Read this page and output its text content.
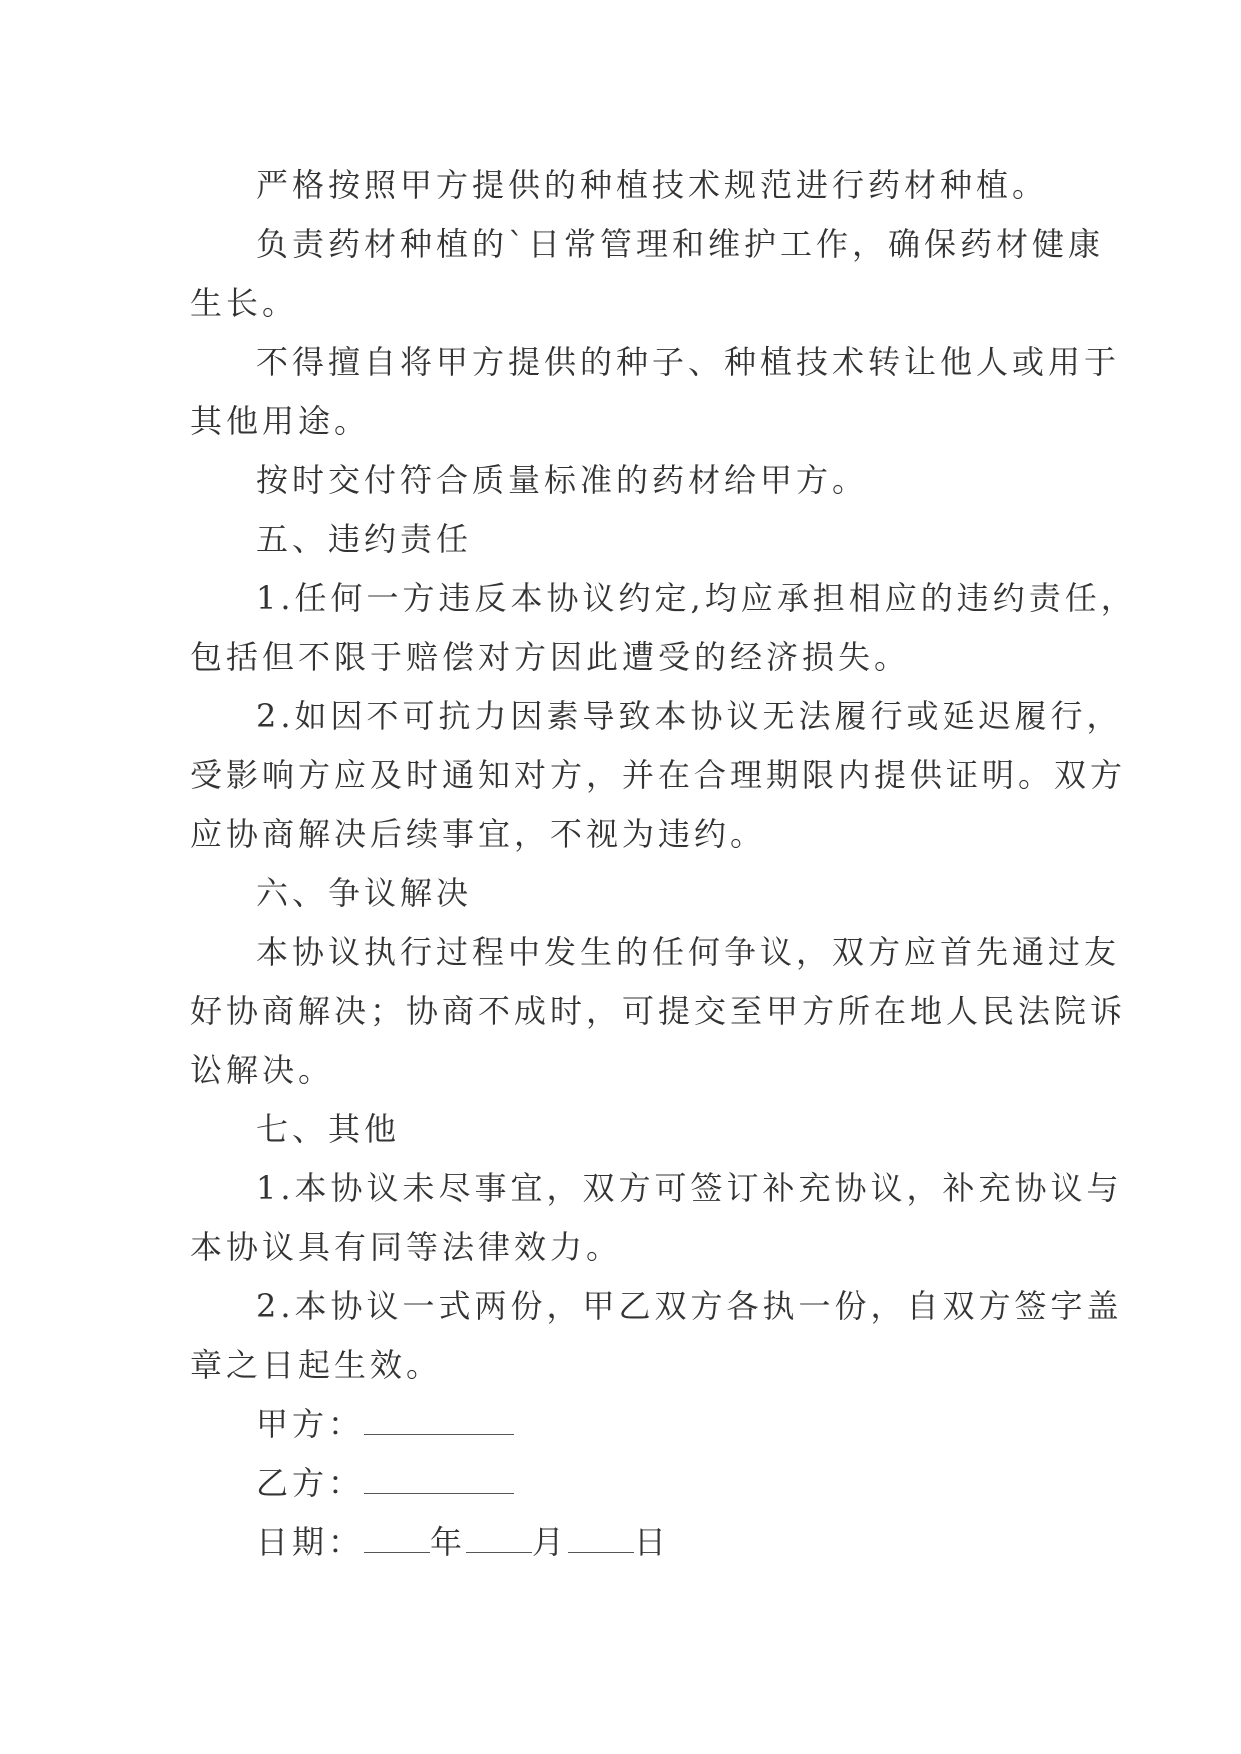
严格按照甲方提供的种植技术规范进行药材种植。
负责药材种植的`日常管理和维护工作，确保药材健康
生长。
不得擅自将甲方提供的种子、种植技术转让他人或用于
其他用途。
按时交付符合质量标准的药材给甲方。
五、违约责任
1.任何一方违反本协议约定,均应承担相应的违约责任，
包括但不限于赔偿对方因此遭受的经济损失。
2.如因不可抗力因素导致本协议无法履行或延迟履行，
受影响方应及时通知对方，并在合理期限内提供证明。双方
应协商解决后续事宜，不视为违约。
六、争议解决
本协议执行过程中发生的任何争议，双方应首先通过友
好协商解决；协商不成时，可提交至甲方所在地人民法院诉
讼解决。
七、其他
1.本协议未尽事宜，双方可签订补充协议，补充协议与
本协议具有同等法律效力。
2.本协议一式两份，甲乙双方各执一份，自双方签字盖
章之日起生效。
甲方：
乙方：
日期： 年 月 日
